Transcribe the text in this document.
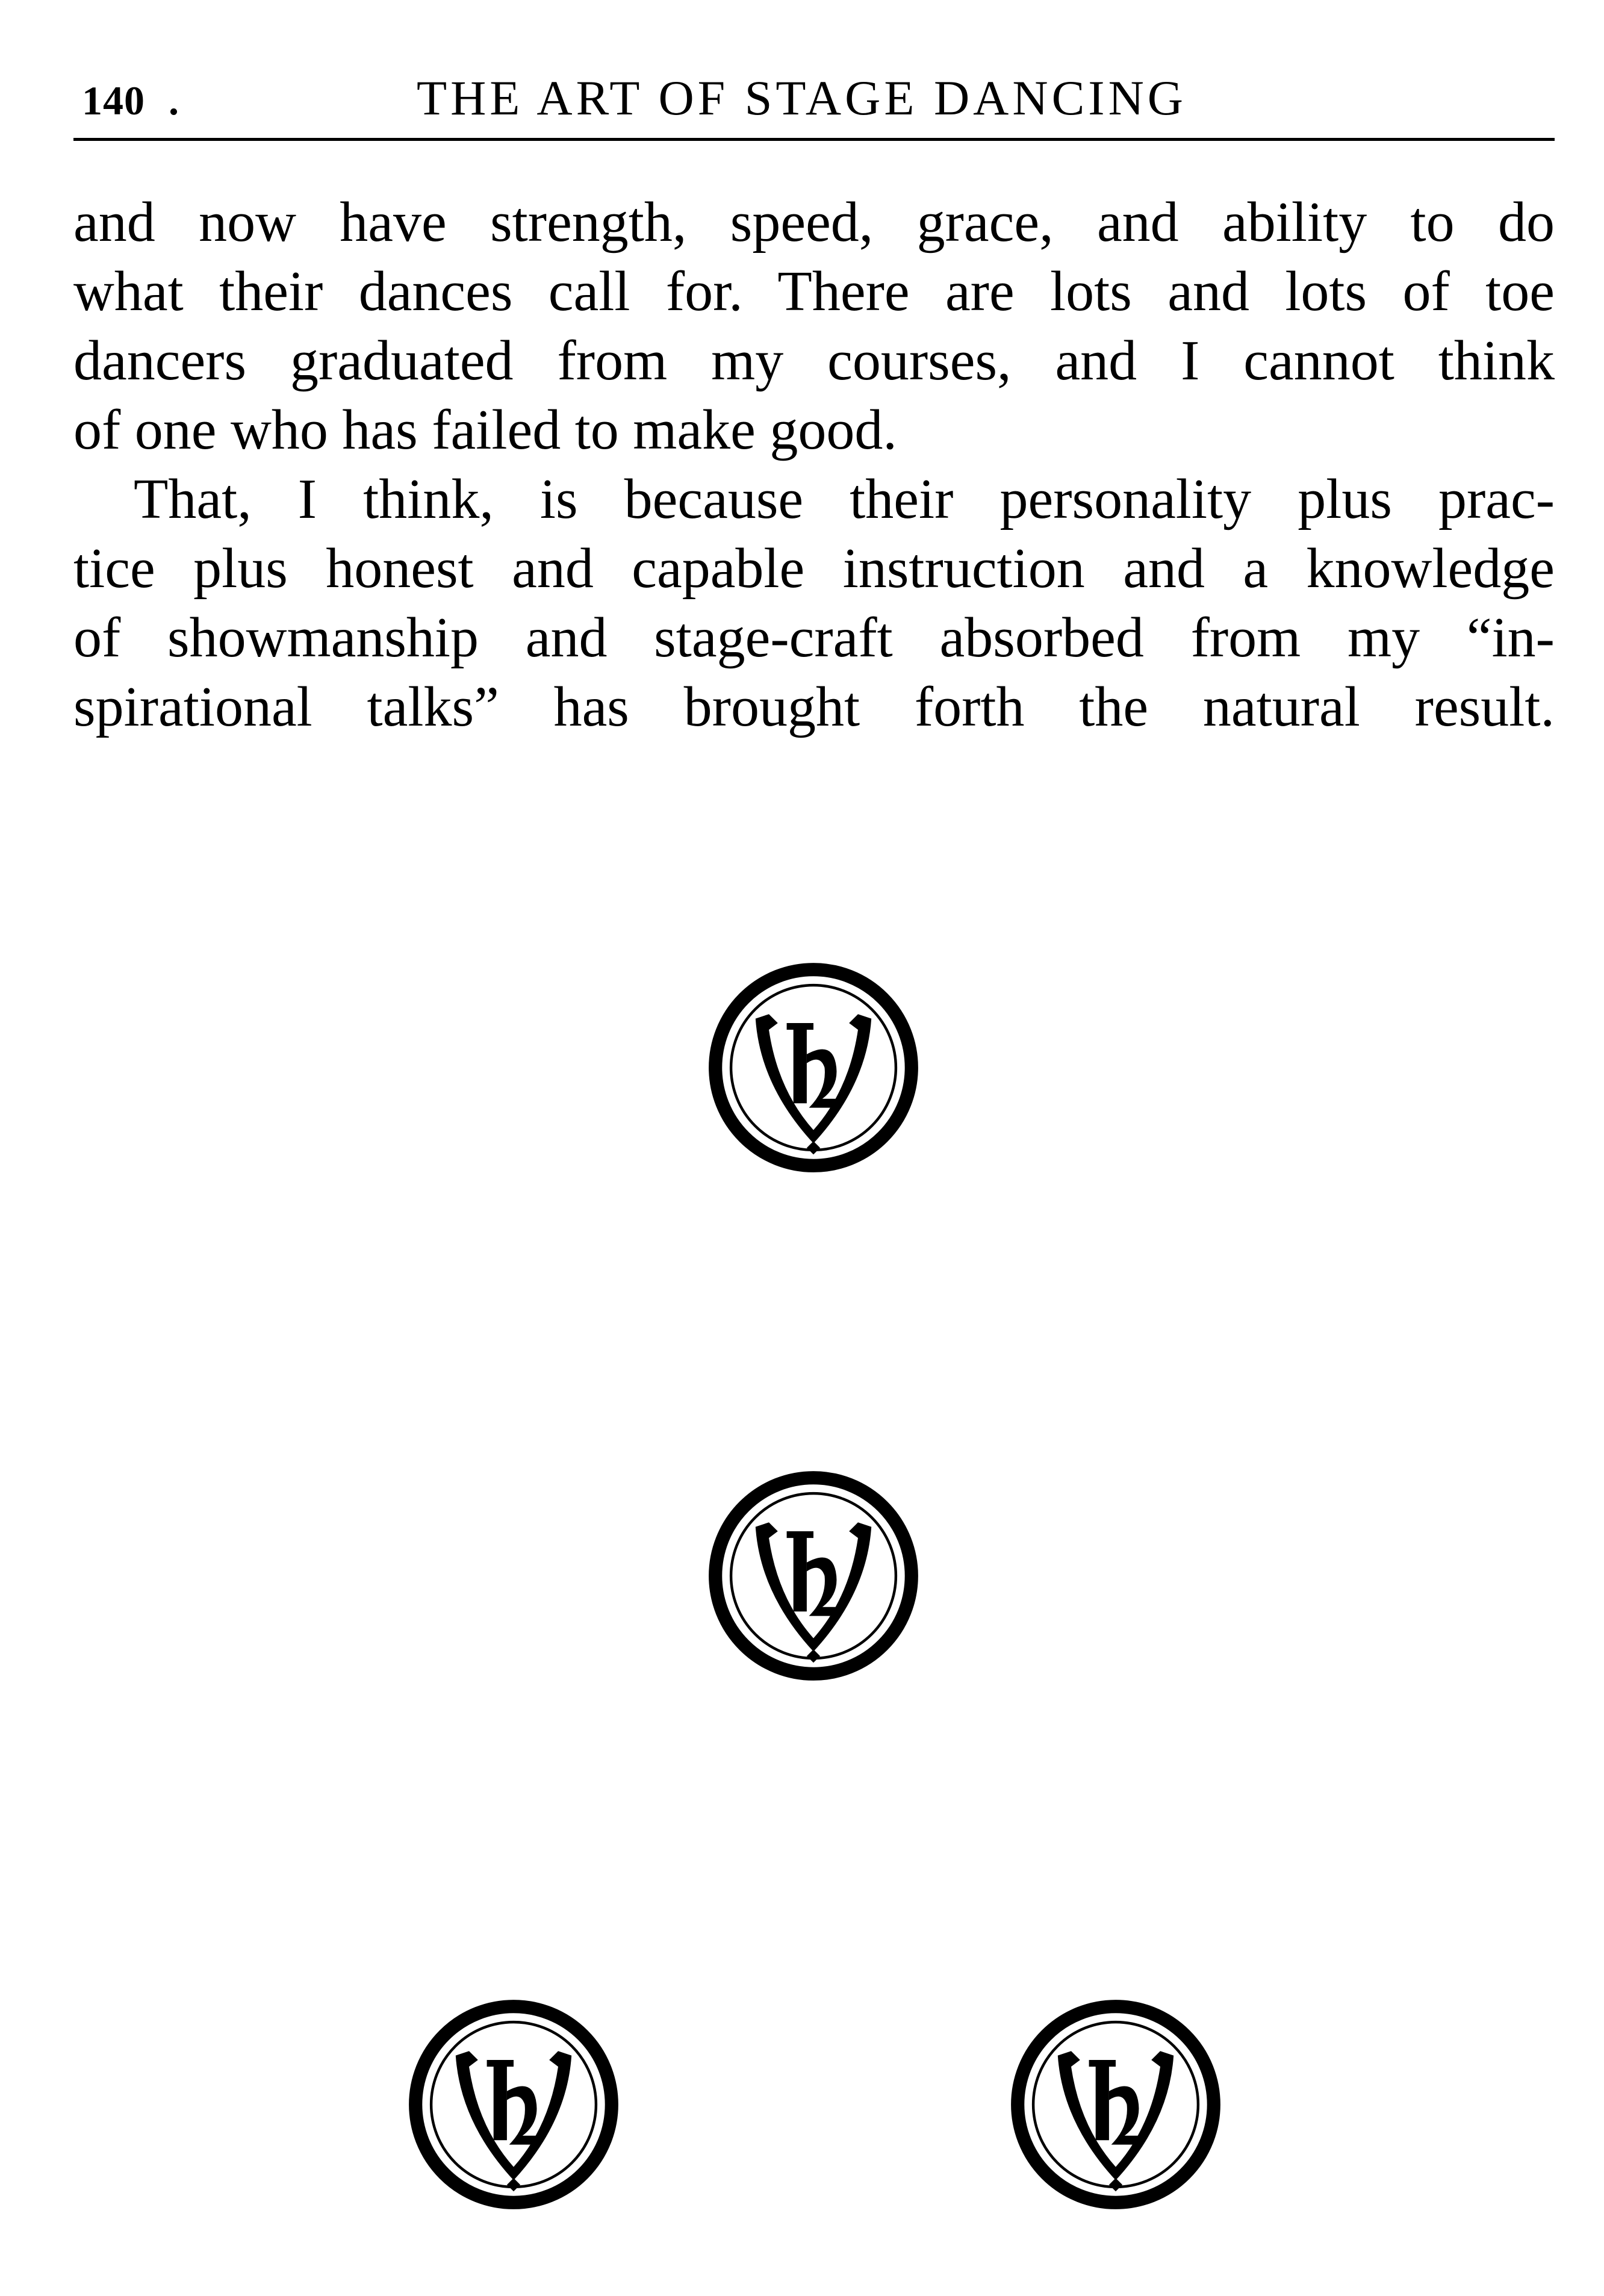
140 .	THE ART OF STAGE DANCING
and now have strength, speed, grace, and ability to do
what their dances call for. There are lots and lots of toe
dancers graduated from my courses, and I cannot think
of one who has failed to make good.
That, I think, is because their personality plus prac-
tice plus honest and capable instruction and a knowledge
of showmanship and stage-craft absorbed from my “in-
spirational talks” has brought forth the natural result.
